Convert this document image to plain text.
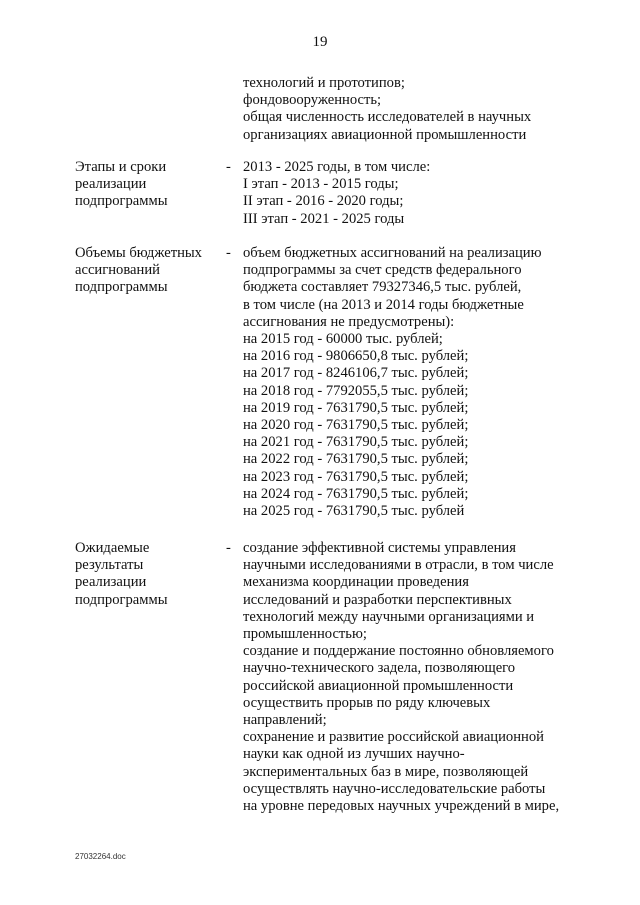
19
технологий и прототипов;
фондовооруженность;
общая численность исследователей в научных
организациях авиационной промышленности
Этапы и сроки
реализации
подпрограммы
- 2013 - 2025 годы, в том числе:
I этап - 2013 - 2015 годы;
II этап - 2016 - 2020 годы;
III этап - 2021 - 2025 годы
Объемы бюджетных
ассигнований
подпрограммы
- объем бюджетных ассигнований на реализацию
подпрограммы за счет средств федерального
бюджета составляет 79327346,5 тыс. рублей,
в том числе (на 2013 и 2014 годы бюджетные
ассигнования не предусмотрены):
на 2015 год - 60000 тыс. рублей;
на 2016 год - 9806650,8 тыс. рублей;
на 2017 год - 8246106,7 тыс. рублей;
на 2018 год - 7792055,5 тыс. рублей;
на 2019 год - 7631790,5 тыс. рублей;
на 2020 год - 7631790,5 тыс. рублей;
на 2021 год - 7631790,5 тыс. рублей;
на 2022 год - 7631790,5 тыс. рублей;
на 2023 год - 7631790,5 тыс. рублей;
на 2024 год - 7631790,5 тыс. рублей;
на 2025 год - 7631790,5 тыс. рублей
Ожидаемые
результаты
реализации
подпрограммы
- создание эффективной системы управления
научными исследованиями в отрасли, в том числе
механизма координации проведения
исследований и разработки перспективных
технологий между научными организациями и
промышленностью;
создание и поддержание постоянно обновляемого
научно-технического задела, позволяющего
российской авиационной промышленности
осуществить прорыв по ряду ключевых
направлений;
сохранение и развитие российской авиационной
науки как одной из лучших научно-
экспериментальных баз в мире, позволяющей
осуществлять научно-исследовательские работы
на уровне передовых научных учреждений в мире,
27032264.doc
